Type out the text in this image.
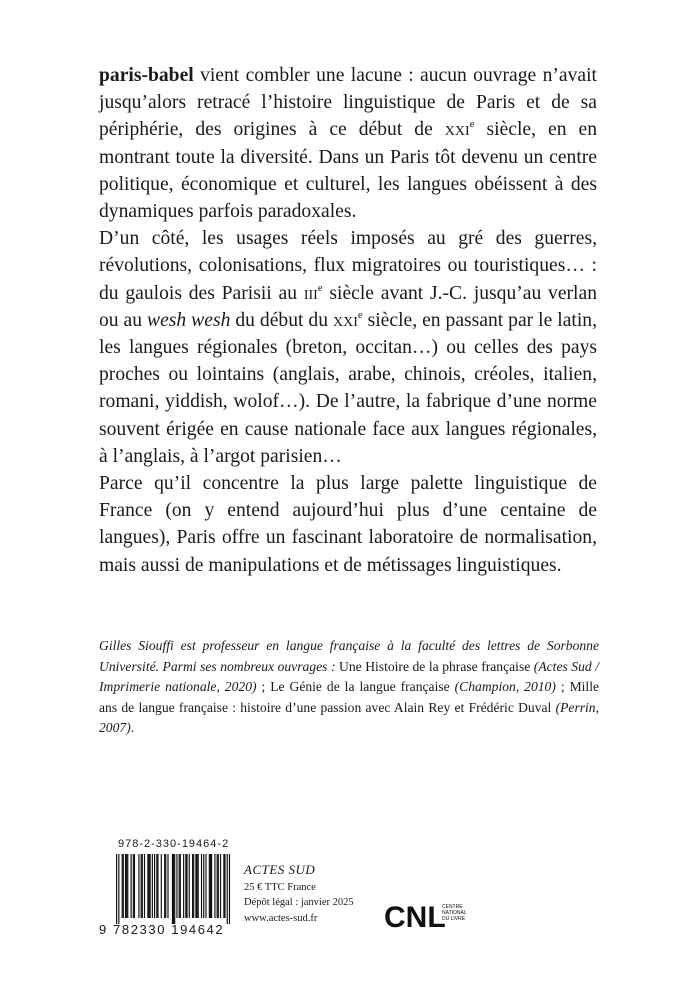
paris-babel vient combler une lacune : aucun ouvrage n’avait jusqu’alors retracé l’histoire linguistique de Paris et de sa périphérie, des origines à ce début de xxi$^e$ siècle, en en montrant toute la diversité. Dans un Paris tôt devenu un centre politique, économique et culturel, les langues obéissent à des dynamiques parfois paradoxales.

D’un côté, les usages réels imposés au gré des guerres, révolutions, colonisations, flux migratoires ou touristiques… : du gaulois des Parisii au iii$^e$ siècle avant J.-C. jusqu’au verlan ou au wesh wesh du début du xxi$^e$ siècle, en passant par le latin, les langues régionales (breton, occitan…) ou celles des pays proches ou lointains (anglais, arabe, chinois, créoles, italien, romani, yiddish, wolof…). De l’autre, la fabrique d’une norme souvent érigée en cause nationale face aux langues régionales, à l’anglais, à l’argot parisien…

Parce qu’il concentre la plus large palette linguistique de France (on y entend aujourd’hui plus d’une centaine de langues), Paris offre un fascinant laboratoire de normalisation, mais aussi de manipulations et de métissages linguistiques.

Gilles Siouffi est professeur en langue française à la faculté des lettres de Sorbonne Université. Parmi ses nombreux ouvrages : Une Histoire de la phrase française (Actes Sud / Imprimerie nationale, 2020) ; Le Génie de la langue française (Champion, 2010) ; Mille ans de langue française : histoire d’une passion avec Alain Rey et Frédéric Duval (Perrin, 2007).

978-2-330-19464-2
9 782330 194642
ACTES SUD
25 € TTC France
Dépôt légal : janvier 2025
www.actes-sud.fr	CNL
CENTRE
NATIONAL
DU LIVRE
